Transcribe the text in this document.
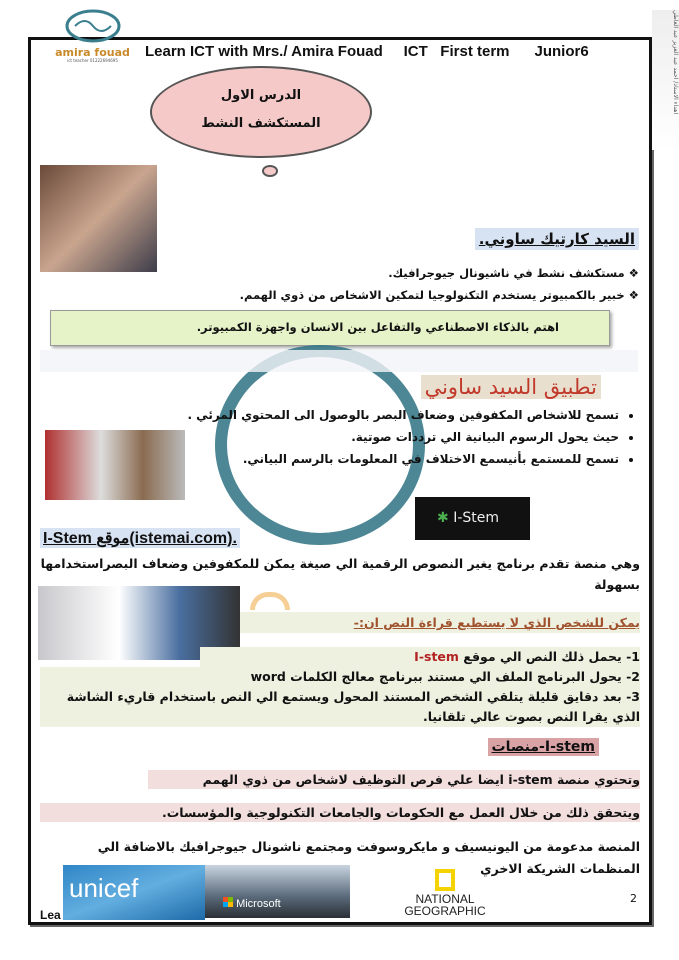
amira fouad
ict teacher 01222694695
Learn ICT with Mrs./ Amira Fouad     ICT   First term      Junior6	اهداء الاستاذ/ احمد عبد العزيز عبد العاطي
الدرس الاول
المستكشف النشط
السيد كارتيك ساوني.
❖ مستكشف نشط في ناشيونال جيوجرافيك.
❖ خبير بالكمبيوتر يستخدم التكنولوجيا لتمكين الاشخاص من ذوي الهمم.
اهتم بالذكاء الاصطناعي والتفاعل بين الانسان واجهزة الكمبيوتر.
تطبيق السيد ساوني
• تسمح للاشخاص المكفوفين وضعاف البصر بالوصول الى المحتوي المرئي .
• حيث يحول الرسوم البيانية الي ترددات صوتية.
• تسمح للمستمع بأنيسمع الاختلاف في المعلومات بالرسم البياني.
✱ I-Stem
I-Stem موقع(istemai.com).
وهي منصة تقدم برنامج يغير النصوص الرقمية الي صيغة يمكن للمكفوفين وضعاف البصراستخدامها بسهولة
يمكن للشخص الذي لا يستطيع قراءة النص ان:-
1- يحمل ذلك النص الي موقع I-stem
2- يحول البرنامج الملف الي مستند ببرنامج معالج الكلمات word
3- بعد دقايق قليلة يتلقي الشخص المستند المحول ويستمع الي النص باستخدام قاريء الشاشة الذي يقرا النص بصوت عالي تلقانيا.
I-stem-منصات
وتحتوي منصة i-stem ايضا علي فرص التوظيف لاشخاص من ذوي الهمم
ويتحقق ذلك من خلال العمل مع الحكومات والجامعات التكنولوجية والمؤسسات.
المنصة مدعومة من اليونيسيف و مايكروسوفت ومجتمع ناشونال جيوجرافيك بالاضافة الي المنظمات الشريكة الاخري
unicef
Microsoft	NATIONAL
GEOGRAPHIC
2
Lea
